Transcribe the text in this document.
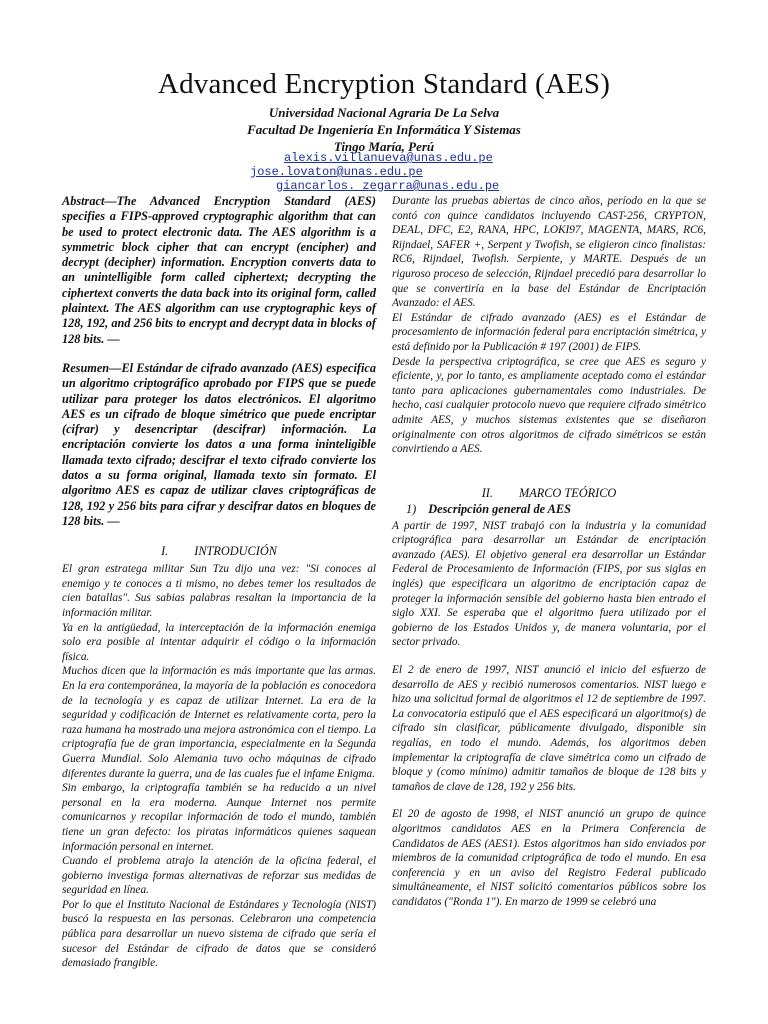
Advanced Encryption Standard (AES)
Universidad Nacional Agraria De La Selva
Facultad De Ingeniería En Informática Y Sistemas
Tingo María, Perú
alexis.villanueva@unas.edu.pe
jose.lovaton@unas.edu.pe
giancarlos. zegarra@unas.edu.pe

Abstract—The Advanced Encryption Standard (AES) specifies a FIPS-approved cryptographic algorithm that can be used to protect electronic data. The AES algorithm is a symmetric block cipher that can encrypt (encipher) and decrypt (decipher) information. Encryption converts data to an unintelligible form called ciphertext; decrypting the ciphertext converts the data back into its original form, called plaintext. The AES algorithm can use cryptographic keys of 128, 192, and 256 bits to encrypt and decrypt data in blocks of 128 bits. —

Resumen—El Estándar de cifrado avanzado (AES) especifica un algoritmo criptográfico aprobado por FIPS que se puede utilizar para proteger los datos electrónicos. El algoritmo AES es un cifrado de bloque simétrico que puede encriptar (cifrar) y desencriptar (descifrar) información. La encriptación convierte los datos a una forma ininteligible llamada texto cifrado; descifrar el texto cifrado convierte los datos a su forma original, llamada texto sin formato. El algoritmo AES es capaz de utilizar claves criptográficas de 128, 192 y 256 bits para cifrar y descifrar datos en bloques de 128 bits. —

I. INTRODUCIÓN

El gran estratega militar Sun Tzu dijo una vez: "Si conoces al enemigo y te conoces a ti mismo, no debes temer los resultados de cien batallas". Sus sabias palabras resaltan la importancia de la información militar.

Ya en la antigüedad, la interceptación de la información enemiga solo era posible al intentar adquirir el código o la información física.

Muchos dicen que la información es más importante que las armas. En la era contemporánea, la mayoría de la población es conocedora de la tecnología y es capaz de utilizar Internet. La era de la seguridad y codificación de Internet es relativamente corta, pero la raza humana ha mostrado una mejora astronómica con el tiempo. La criptografía fue de gran importancia, especialmente en la Segunda Guerra Mundial. Solo Alemania tuvo ocho máquinas de cifrado diferentes durante la guerra, una de las cuales fue el infame Enigma.

Sin embargo, la criptografía también se ha reducido a un nivel personal en la era moderna. Aunque Internet nos permite comunicarnos y recopilar información de todo el mundo, también tiene un gran defecto: los piratas informáticos quienes saquean información personal en internet.

Cuando el problema atrajo la atención de la oficina federal, el gobierno investiga formas alternativas de reforzar sus medidas de seguridad en línea.

Por lo que el Instituto Nacional de Estándares y Tecnología (NIST) buscó la respuesta en las personas. Celebraron una competencia pública para desarrollar un nuevo sistema de cifrado que sería el sucesor del Estándar de cifrado de datos que se consideró demasiado frangible.

Durante las pruebas abiertas de cinco años, período en la que se contó con quince candidatos incluyendo CAST-256, CRYPTON, DEAL, DFC, E2, RANA, HPC, LOKI97, MAGENTA, MARS, RC6, Rijndael, SAFER +, Serpent y Twofish, se eligieron cinco finalistas: RC6, Rijndael, Twofish. Serpiente, y MARTE. Después de un riguroso proceso de selección, Rijndael precedió para desarrollar lo que se convertiría en la base del Estándar de Encriptación Avanzado: el AES.

El Estándar de cifrado avanzado (AES) es el Estándar de procesamiento de información federal para encriptación simétrica, y está definido por la Publicación # 197 (2001) de FIPS.

Desde la perspectiva criptográfica, se cree que AES es seguro y eficiente, y, por lo tanto, es ampliamente aceptado como el estándar tanto para aplicaciones gubernamentales como industriales. De hecho, casi cualquier protocolo nuevo que requiere cifrado simétrico admite AES, y muchos sistemas existentes que se diseñaron originalmente con otros algoritmos de cifrado simétricos se están convirtiendo a AES.

II. MARCO TEÓRICO

1) Descripción general de AES

A partir de 1997, NIST trabajó con la industria y la comunidad criptográfica para desarrollar un Estándar de encriptación avanzado (AES). El objetivo general era desarrollar un Estándar Federal de Procesamiento de Información (FIPS, por sus siglas en inglés) que especificara un algoritmo de encriptación capaz de proteger la información sensible del gobierno hasta bien entrado el siglo XXI. Se esperaba que el algoritmo fuera utilizado por el gobierno de los Estados Unidos y, de manera voluntaria, por el sector privado.

El 2 de enero de 1997, NIST anunció el inicio del esfuerzo de desarrollo de AES y recibió numerosos comentarios. NIST luego e hizo una solicitud formal de algoritmos el 12 de septiembre de 1997. La convocatoria estipuló que el AES especificará un algoritmo(s) de cifrado sin clasificar, públicamente divulgado, disponible sin regalías, en todo el mundo. Además, los algoritmos deben implementar la criptografía de clave simétrica como un cifrado de bloque y (como mínimo) admitir tamaños de bloque de 128 bits y tamaños de clave de 128, 192 y 256 bits.

El 20 de agosto de 1998, el NIST anunció un grupo de quince algoritmos candidatos AES en la Primera Conferencia de Candidatos de AES (AES1). Estos algoritmos han sido enviados por miembros de la comunidad criptográfica de todo el mundo. En esa conferencia y en un aviso del Registro Federal publicado simultáneamente, el NIST solicitó comentarios públicos sobre los candidatos ("Ronda 1"). En marzo de 1999 se celebró una
